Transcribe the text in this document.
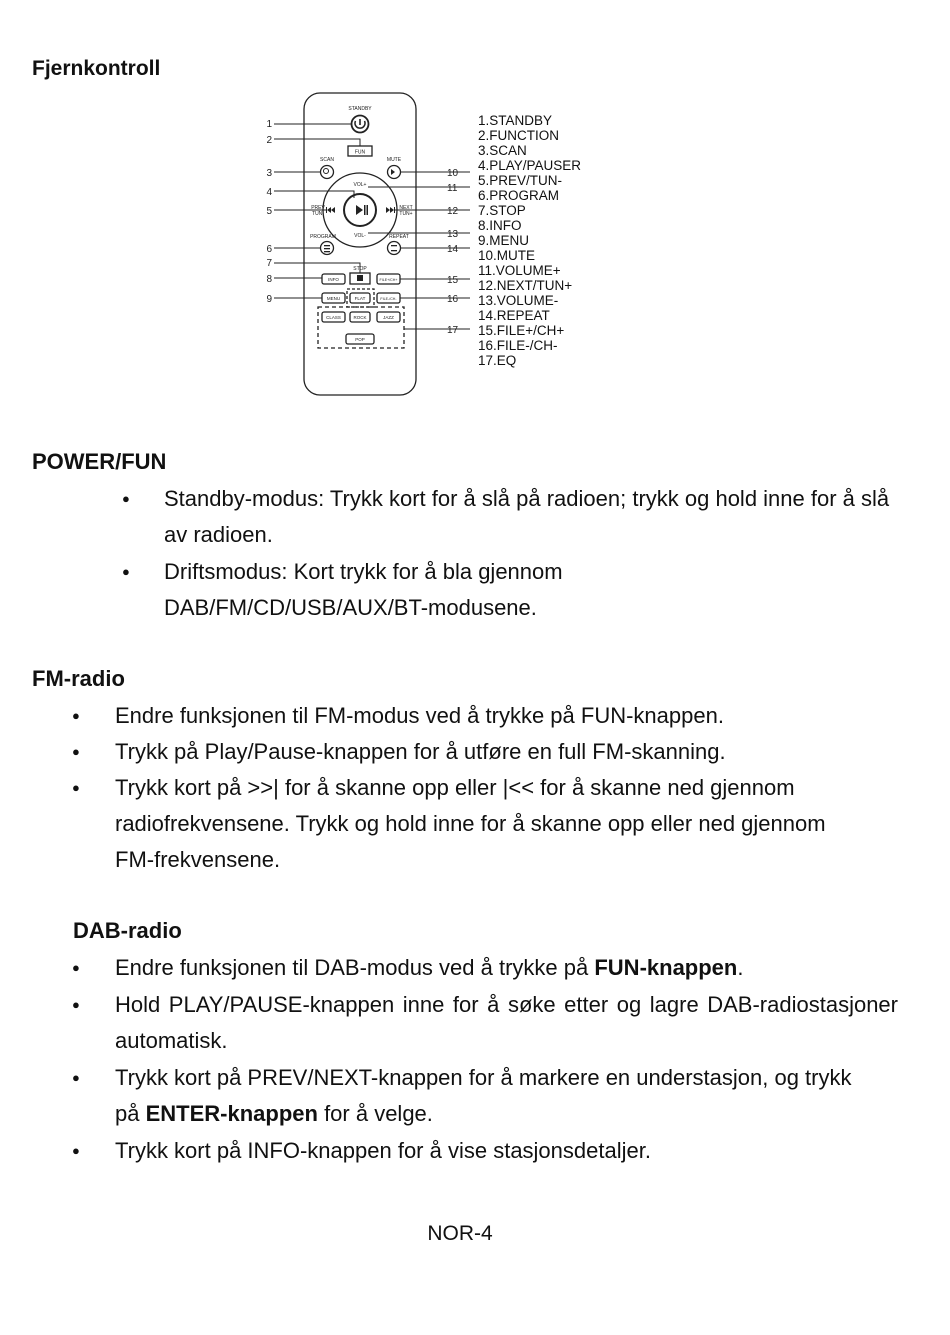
Fjernkontroll
STANDBY
FUN
SCAN	MUTE
VOL+
VOL-
PREV
TUN-
NEXT
TUN+
PROGRAM	REPEAT
STOP
INFO	FILE+/CH+
MENU	FLAT	FILE-/CH-
CLASS	ROCK	JAZZ
POP
1
2
3
4
5
6
7
8
9
10
11
12
13
14
15
16
17
1.STANDBY
2.FUNCTION
3.SCAN
4.PLAY/PAUSER
5.PREV/TUN-
6.PROGRAM
7.STOP
8.INFO
9.MENU
10.MUTE
11.VOLUME+
12.NEXT/TUN+
13.VOLUME-
14.REPEAT
15.FILE+/CH+
16.FILE-/CH-
17.EQ
POWER/FUN
● Standby-modus: Trykk kort for å slå på radioen; trykk og hold inne for å slå av radioen.
● Driftsmodus: Kort trykk for å bla gjennom DAB/FM/CD/USB/AUX/BT-modusene.
FM-radio
● Endre funksjonen til FM-modus ved å trykke på FUN-knappen.
● Trykk på Play/Pause-knappen for å utføre en full FM-skanning.
● Trykk kort på >>| for å skanne opp eller |<< for å skanne ned gjennom radiofrekvensene. Trykk og hold inne for å skanne opp eller ned gjennom FM-frekvensene.
DAB-radio
● Endre funksjonen til DAB-modus ved å trykke på FUN-knappen.
● Hold PLAY/PAUSE-knappen inne for å søke etter og lagre DAB-radiostasjoner automatisk.
● Trykk kort på PREV/NEXT-knappen for å markere en understasjon, og trykk på ENTER-knappen for å velge.
● Trykk kort på INFO-knappen for å vise stasjonsdetaljer.
NOR-4
